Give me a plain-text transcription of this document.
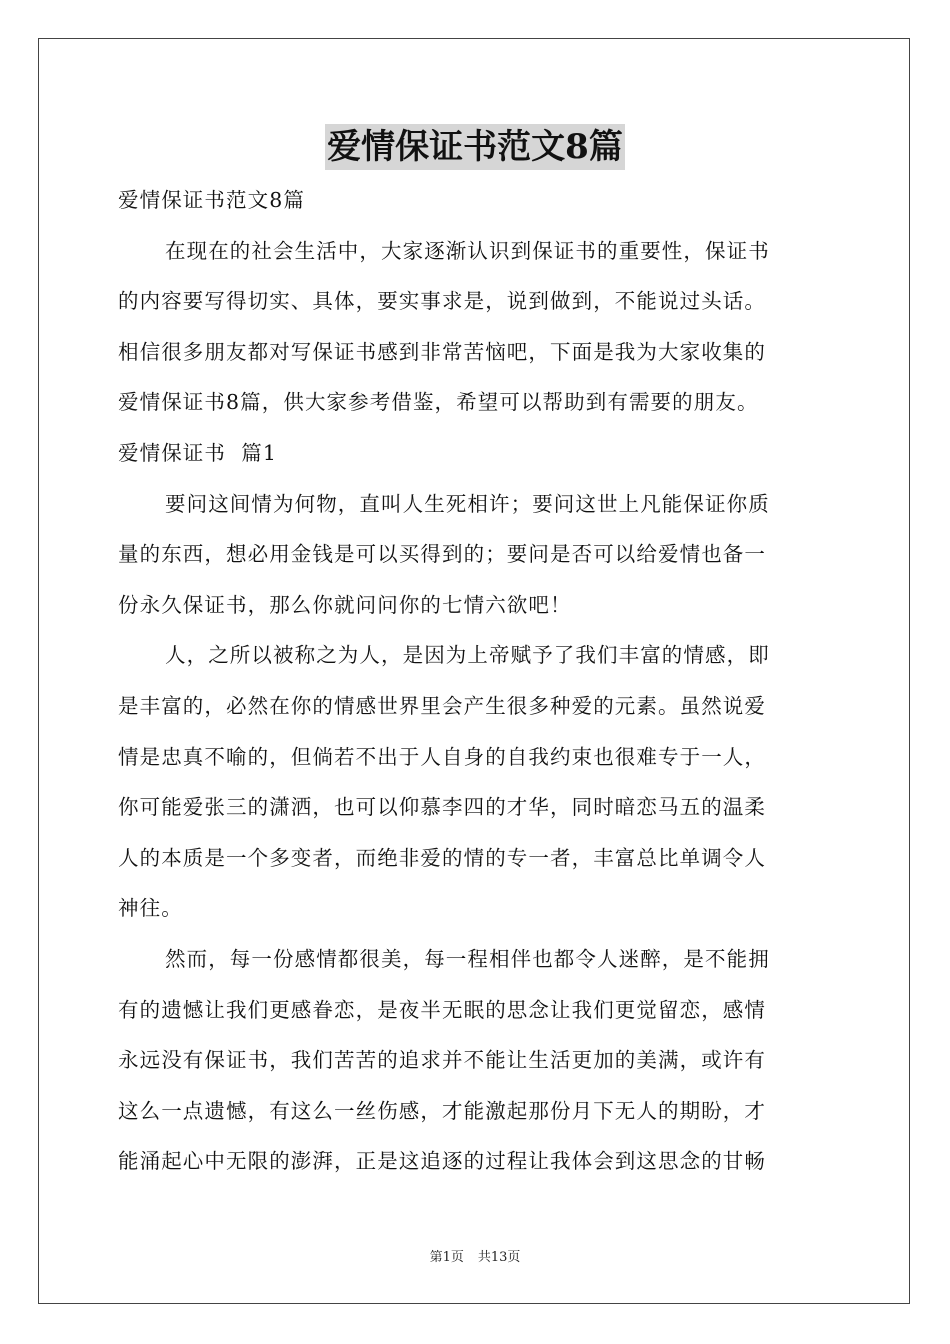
爱情保证书范文8篇
爱情保证书范文8篇
在现在的社会生活中，大家逐渐认识到保证书的重要性，保证书
的内容要写得切实、具体，要实事求是，说到做到，不能说过头话。
相信很多朋友都对写保证书感到非常苦恼吧，下面是我为大家收集的
爱情保证书8篇，供大家参考借鉴，希望可以帮助到有需要的朋友。
爱情保证书  篇1
要问这间情为何物，直叫人生死相许；要问这世上凡能保证你质
量的东西，想必用金钱是可以买得到的；要问是否可以给爱情也备一
份永久保证书，那么你就问问你的七情六欲吧！
人，之所以被称之为人，是因为上帝赋予了我们丰富的情感，即
是丰富的，必然在你的情感世界里会产生很多种爱的元素。虽然说爱
情是忠真不喻的，但倘若不出于人自身的自我约束也很难专于一人，
你可能爱张三的潇洒，也可以仰慕李四的才华，同时暗恋马五的温柔
人的本质是一个多变者，而绝非爱的情的专一者，丰富总比单调令人
神往。
然而，每一份感情都很美，每一程相伴也都令人迷醉，是不能拥
有的遗憾让我们更感眷恋，是夜半无眠的思念让我们更觉留恋，感情
永远没有保证书，我们苦苦的追求并不能让生活更加的美满，或许有
这么一点遗憾，有这么一丝伤感，才能激起那份月下无人的期盼，才
能涌起心中无限的澎湃，正是这追逐的过程让我体会到这思念的甘畅
第1页 共13页
